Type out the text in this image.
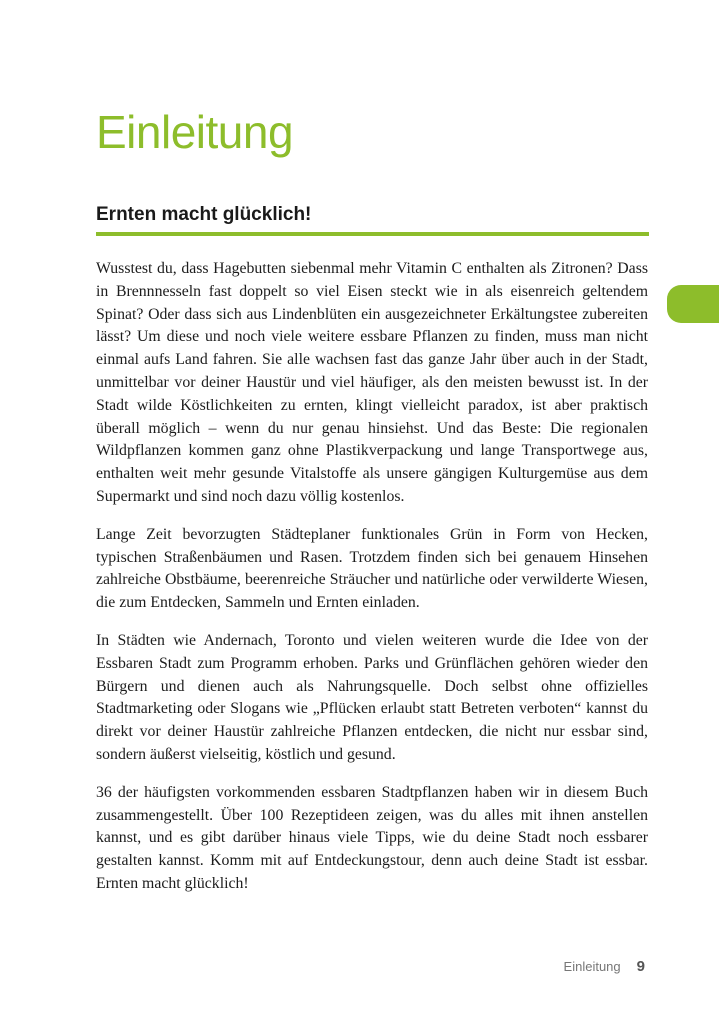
Einleitung
Ernten macht glücklich!

Wusstest du, dass Hagebutten siebenmal mehr Vitamin C enthalten als Zitronen? Dass in Brennnesseln fast doppelt so viel Eisen steckt wie in als eisenreich geltendem Spinat? Oder dass sich aus Lindenblüten ein ausgezeichneter Erkältungstee zubereiten lässt? Um diese und noch viele weitere essbare Pflanzen zu finden, muss man nicht einmal aufs Land fahren. Sie alle wachsen fast das ganze Jahr über auch in der Stadt, unmittelbar vor deiner Haustür und viel häufiger, als den meisten bewusst ist. In der Stadt wilde Köstlichkeiten zu ernten, klingt vielleicht paradox, ist aber praktisch überall möglich – wenn du nur genau hinsiehst. Und das Beste: Die regionalen Wildpflanzen kommen ganz ohne Plastikverpackung und lange Transportwege aus, enthalten weit mehr gesunde Vitalstoffe als unsere gängigen Kulturgemüse aus dem Supermarkt und sind noch dazu völlig kostenlos.

Lange Zeit bevorzugten Städteplaner funktionales Grün in Form von Hecken, typischen Straßenbäumen und Rasen. Trotzdem finden sich bei genauem Hinsehen zahlreiche Obstbäume, beerenreiche Sträucher und natürliche oder verwilderte Wiesen, die zum Entdecken, Sammeln und Ernten einladen.

In Städten wie Andernach, Toronto und vielen weiteren wurde die Idee von der Essbaren Stadt zum Programm erhoben. Parks und Grünflächen gehören wieder den Bürgern und dienen auch als Nahrungsquelle. Doch selbst ohne offizielles Stadtmarketing oder Slogans wie „Pflücken erlaubt statt Betreten verboten“ kannst du direkt vor deiner Haustür zahlreiche Pflanzen entdecken, die nicht nur essbar sind, sondern äußerst vielseitig, köstlich und gesund.

36 der häufigsten vorkommenden essbaren Stadtpflanzen haben wir in diesem Buch zusammengestellt. Über 100 Rezeptideen zeigen, was du alles mit ihnen anstellen kannst, und es gibt darüber hinaus viele Tipps, wie du deine Stadt noch essbarer gestalten kannst. Komm mit auf Entdeckungstour, denn auch deine Stadt ist essbar. Ernten macht glücklich!

Einleitung 9
